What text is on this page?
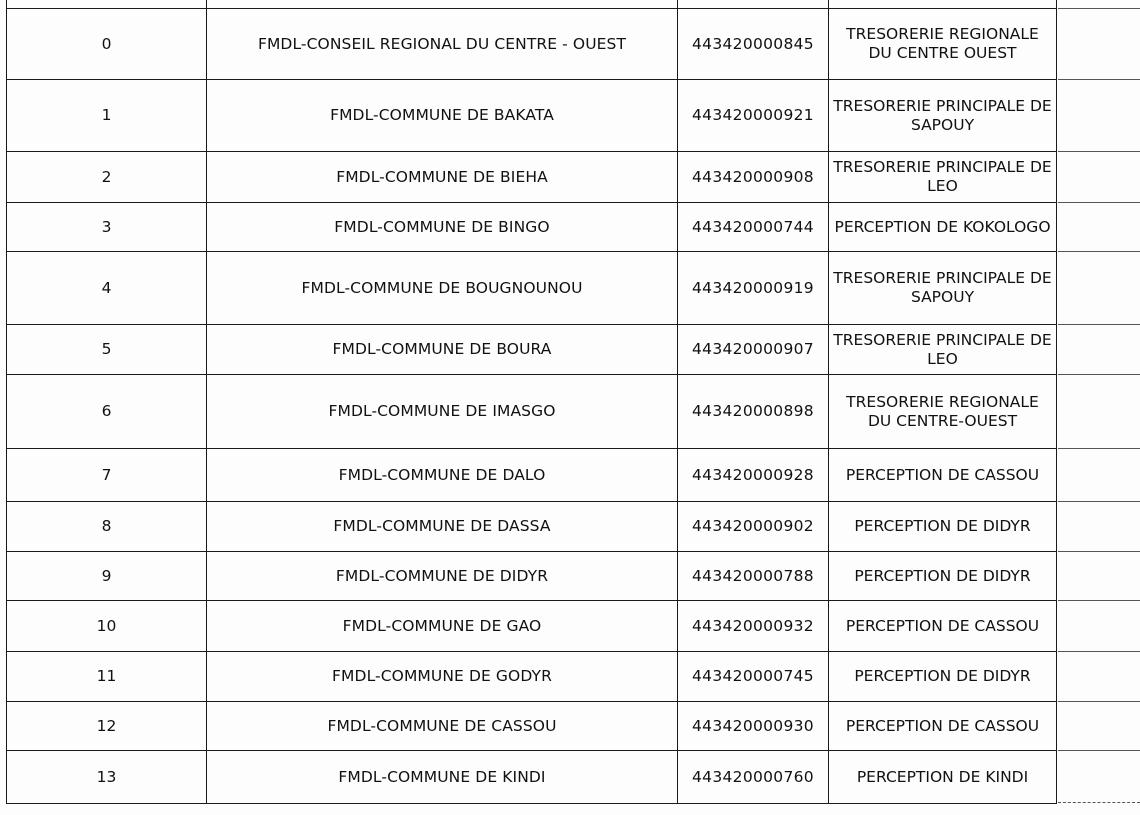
0	FMDL-CONSEIL REGIONAL DU CENTRE - OUEST	443420000845	TRESORERIE REGIONALE DU CENTRE OUEST
1	FMDL-COMMUNE DE BAKATA	443420000921	TRESORERIE PRINCIPALE DE SAPOUY
2	FMDL-COMMUNE DE BIEHA	443420000908	TRESORERIE PRINCIPALE DE LEO
3	FMDL-COMMUNE DE BINGO	443420000744	PERCEPTION DE KOKOLOGO
4	FMDL-COMMUNE DE BOUGNOUNOU	443420000919	TRESORERIE PRINCIPALE DE SAPOUY
5	FMDL-COMMUNE DE BOURA	443420000907	TRESORERIE PRINCIPALE DE LEO
6	FMDL-COMMUNE DE IMASGO	443420000898	TRESORERIE REGIONALE DU CENTRE-OUEST
7	FMDL-COMMUNE DE DALO	443420000928	PERCEPTION DE CASSOU
8	FMDL-COMMUNE DE DASSA	443420000902	PERCEPTION DE DIDYR
9	FMDL-COMMUNE DE DIDYR	443420000788	PERCEPTION DE DIDYR
10	FMDL-COMMUNE DE GAO	443420000932	PERCEPTION DE CASSOU
11	FMDL-COMMUNE DE GODYR	443420000745	PERCEPTION DE DIDYR
12	FMDL-COMMUNE DE CASSOU	443420000930	PERCEPTION DE CASSOU
13	FMDL-COMMUNE DE KINDI	443420000760	PERCEPTION DE KINDI
